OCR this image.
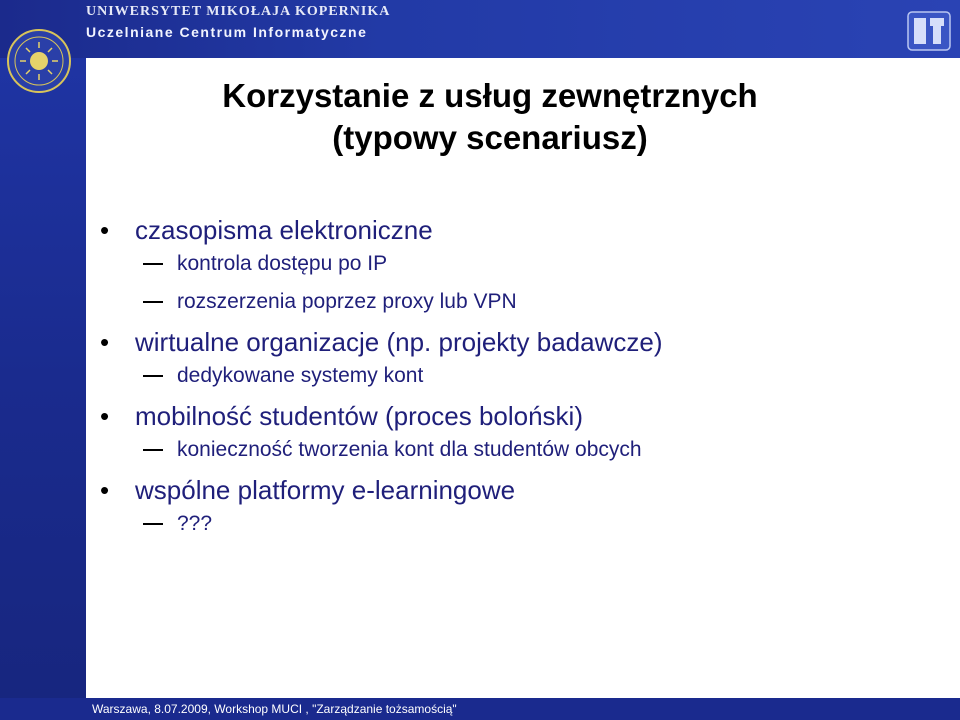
UNIWERSYTET MIKOŁAJA KOPERNIKA
Uczelniane Centrum Informatyczne
Korzystanie z usług zewnętrznych
(typowy scenariusz)
• czasopisma elektroniczne
kontrola dostępu po IP
rozszerzenia poprzez proxy lub VPN
• wirtualne organizacje (np. projekty badawcze)
dedykowane systemy kont
• mobilność studentów (proces boloński)
konieczność tworzenia kont dla studentów obcych
• wspólne platformy e-learningowe
???
Warszawa, 8.07.2009, Workshop MUCI , "Zarządzanie tożsamością"
